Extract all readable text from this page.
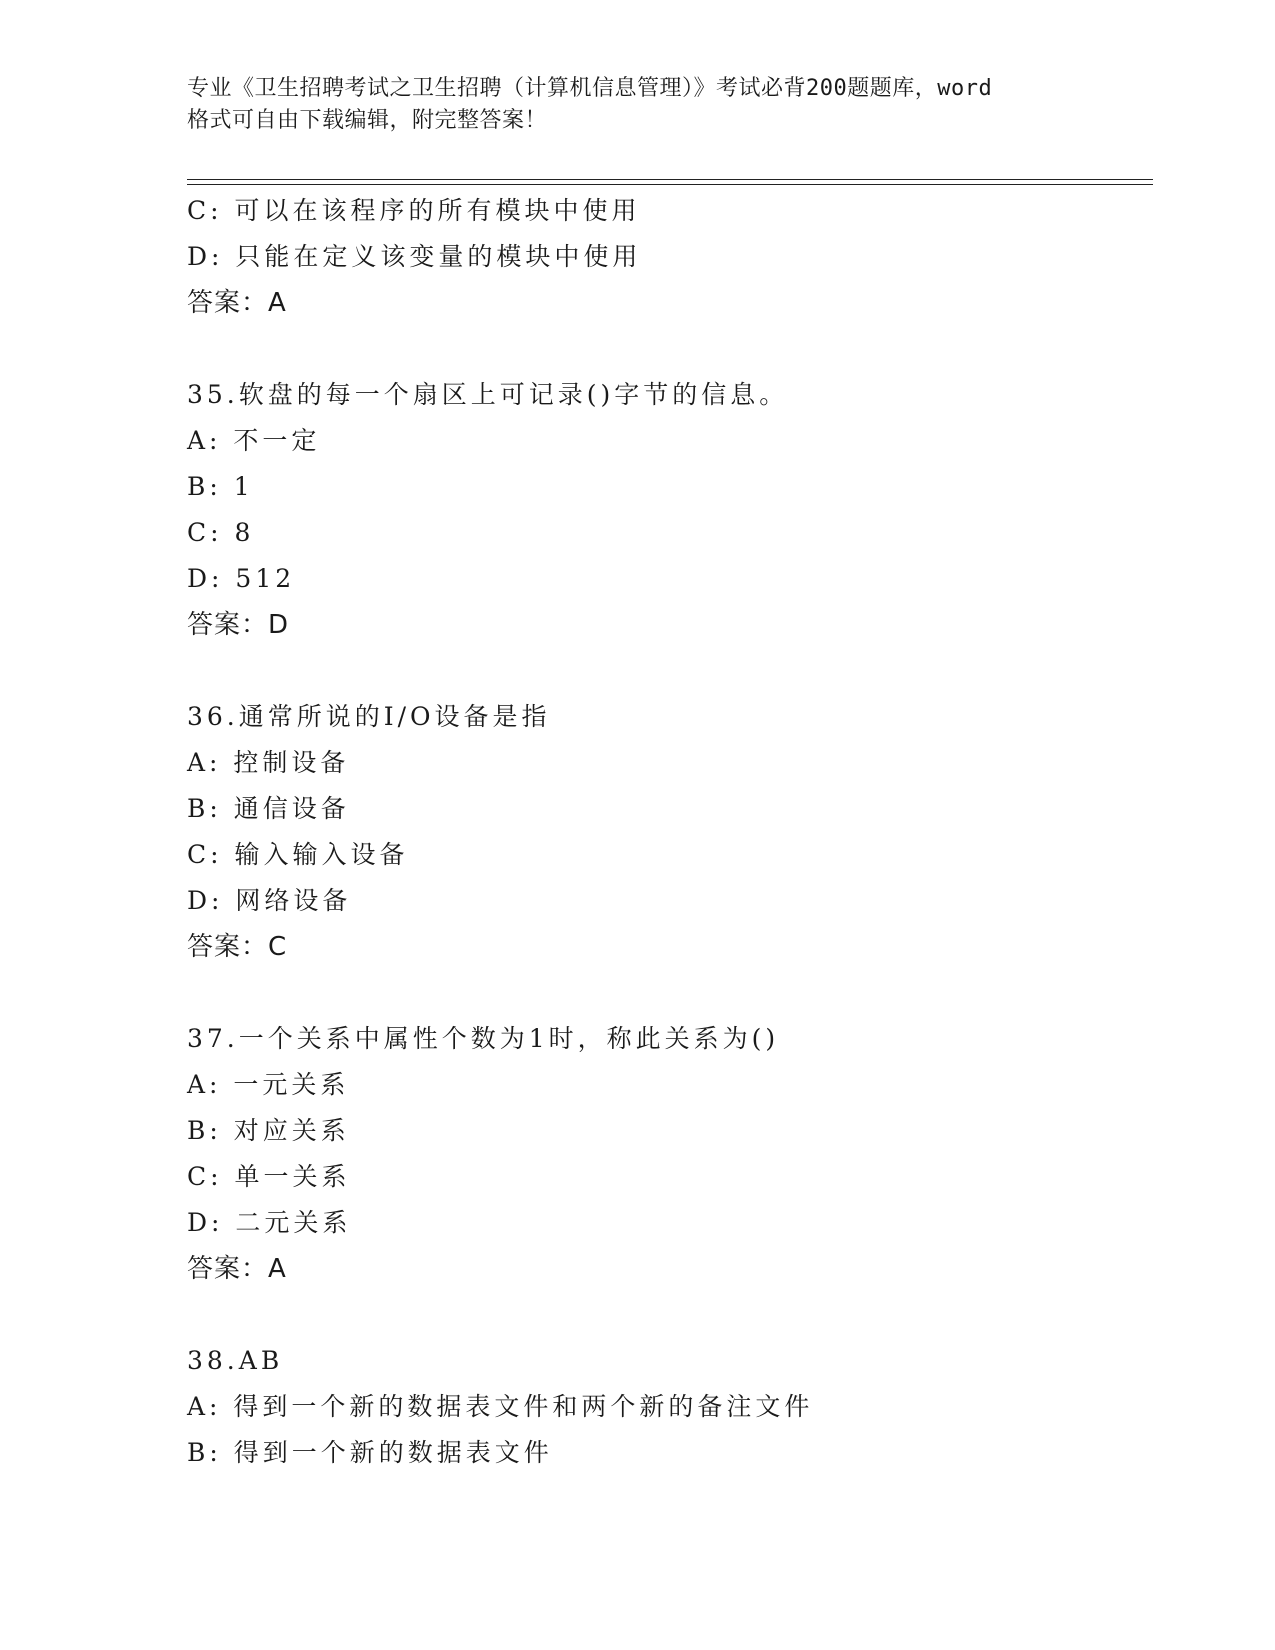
专业《卫生招聘考试之卫生招聘（计算机信息管理）》考试必背200题题库，word
格式可自由下载编辑，附完整答案！
C: 可以在该程序的所有模块中使用
D: 只能在定义该变量的模块中使用
答案：A
35.软盘的每一个扇区上可记录()字节的信息。
A: 不一定
B: 1
C: 8
D: 512
答案：D
36.通常所说的I/O设备是指
A: 控制设备
B: 通信设备
C: 输入输入设备
D: 网络设备
答案：C
37.一个关系中属性个数为1时，称此关系为()
A: 一元关系
B: 对应关系
C: 单一关系
D: 二元关系
答案：A
38.AB
A: 得到一个新的数据表文件和两个新的备注文件
B: 得到一个新的数据表文件
